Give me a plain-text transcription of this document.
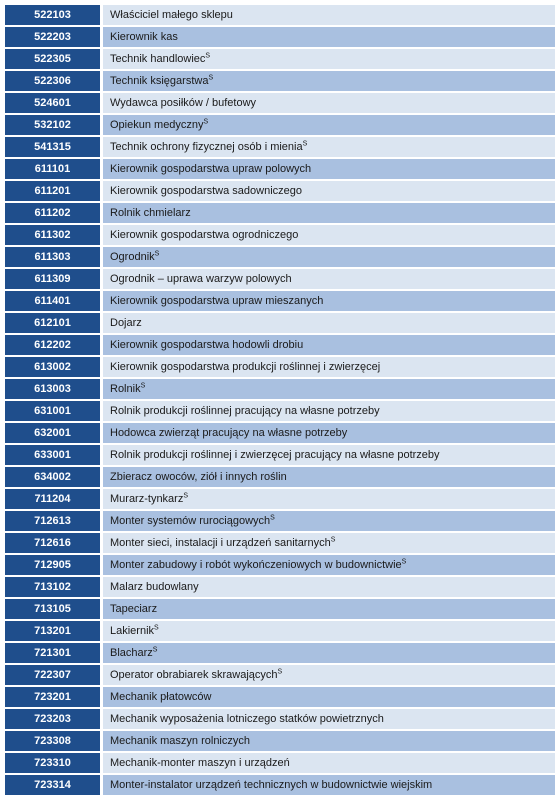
522103		Właściciel małego sklepu
522203		Kierownik kas
522305		Technik handlowiec$^S$
522306		Technik księgarstwa$^S$
524601		Wydawca posiłków / bufetowy
532102		Opiekun medyczny$^S$
541315		Technik ochrony fizycznej osób i mienia$^S$
611101		Kierownik gospodarstwa upraw polowych
611201		Kierownik gospodarstwa sadowniczego
611202		Rolnik chmielarz
611302		Kierownik gospodarstwa ogrodniczego
611303		Ogrodnik$^S$
611309		Ogrodnik – uprawa warzyw polowych
611401		Kierownik gospodarstwa upraw mieszanych
612101		Dojarz
612202		Kierownik gospodarstwa hodowli drobiu
613002		Kierownik gospodarstwa produkcji roślinnej i zwierzęcej
613003		Rolnik$^S$
631001		Rolnik produkcji roślinnej pracujący na własne potrzeby
632001		Hodowca zwierząt pracujący na własne potrzeby
633001		Rolnik produkcji roślinnej i zwierzęcej pracujący na własne potrzeby
634002		Zbieracz owoców, ziół i innych roślin
711204		Murarz-tynkarz$^S$
712613		Monter systemów rurociągowych$^S$
712616		Monter sieci, instalacji i urządzeń sanitarnych$^S$
712905		Monter zabudowy i robót wykończeniowych w budownictwie$^S$
713102		Malarz budowlany
713105		Tapeciarz
713201		Lakiernik$^S$
721301		Blacharz$^S$
722307		Operator obrabiarek skrawających$^S$
723201		Mechanik płatowców
723203		Mechanik wyposażenia lotniczego statków powietrznych
723308		Mechanik maszyn rolniczych
723310		Mechanik-monter maszyn i urządzeń
723314		Monter-instalator urządzeń technicznych w budownictwie wiejskim
